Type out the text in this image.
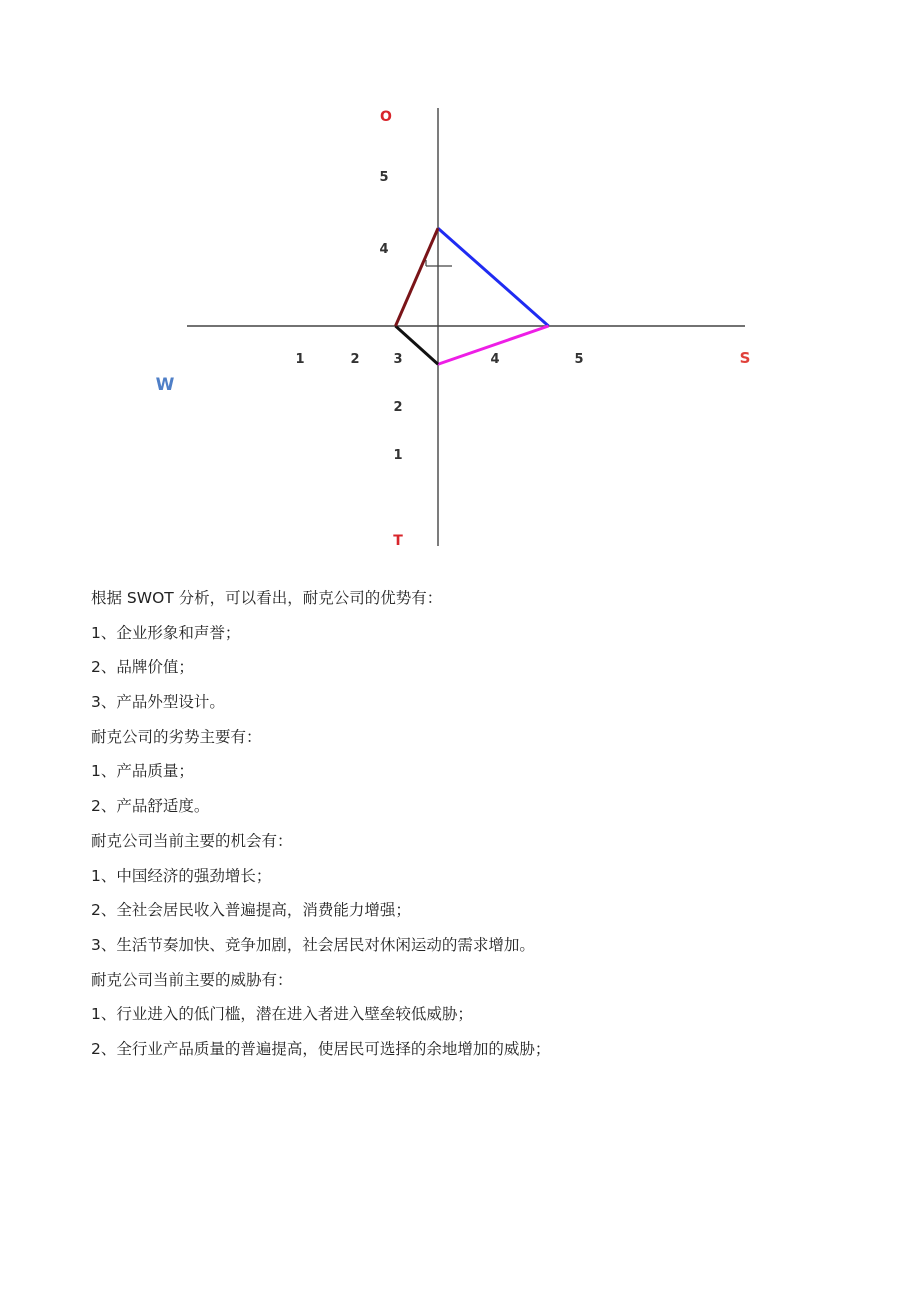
O
S
W
T
1	2	3	4	5
4
5
2
1
根据 SWOT 分析，可以看出，耐克公司的优势有：
1、企业形象和声誉；
2、品牌价值；
3、产品外型设计。
耐克公司的劣势主要有：
1、产品质量；
2、产品舒适度。
耐克公司当前主要的机会有：
1、中国经济的强劲增长；
2、全社会居民收入普遍提高，消费能力增强；
3、生活节奏加快、竞争加剧，社会居民对休闲运动的需求增加。
耐克公司当前主要的威胁有：
1、行业进入的低门槛，潜在进入者进入壁垒较低威胁；
2、全行业产品质量的普遍提高，使居民可选择的余地增加的威胁；
